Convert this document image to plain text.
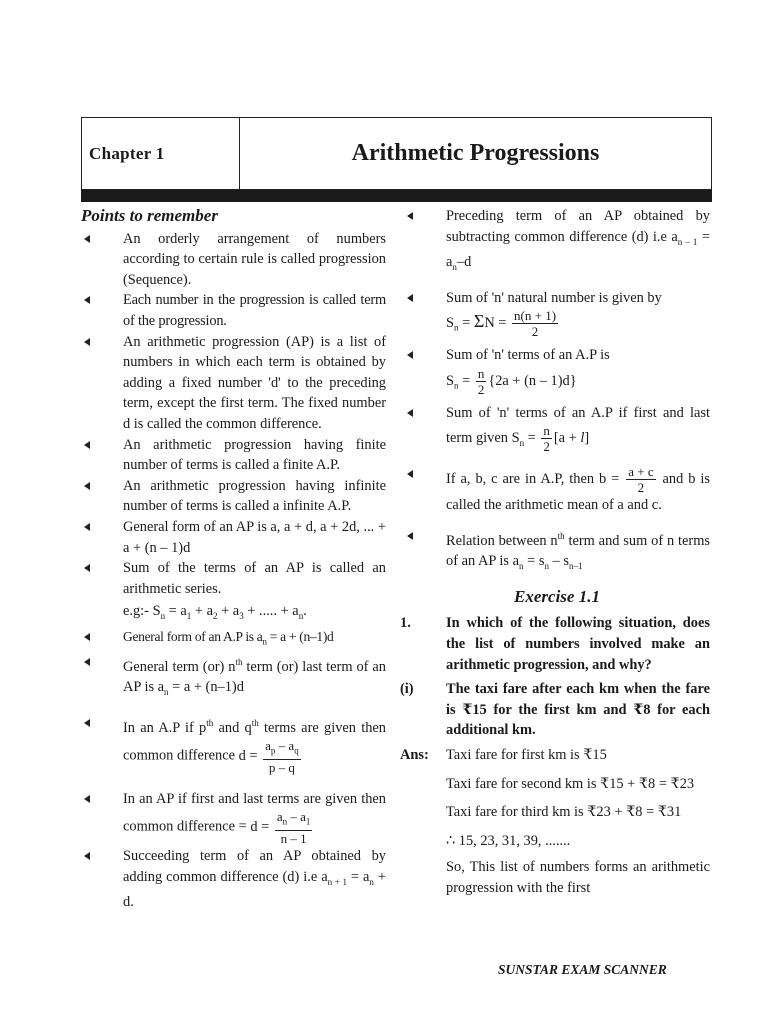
Chapter 1	Arithmetic Progressions
Points to remember
An orderly arrangement of numbers according to certain rule is called progression (Sequence).
Each number in the progression is called term of the progression.
An arithmetic progression (AP) is a list of numbers in which each term is obtained by adding a fixed number 'd' to the preceding term, except the first term. The fixed number d is called the common difference.
An arithmetic progression having finite number of terms is called a finite A.P.
An arithmetic progression having infinite number of terms is called a infinite A.P.
General form of an AP is a, a + d, a + 2d, ... + a + (n – 1)d
Sum of the terms of an AP is called an arithmetic series.
e.g:- $S_n = a_1 + a_2 + a_3$ + ..... + $a_n$.
General form of an A.P is $a_n = a + (n-1)d$
General term (or) $n^{th}$ term (or) last term of an AP is $a_n = a + (n-1)d$
In an A.P if $p^{th}$ and $q^{th}$ terms are given then common difference $d = \frac{a_p - a_q}{p - q}$
In an AP if first and last terms are given then common difference = $d = \frac{a_n - a_1}{n - 1}$
Succeeding term of an AP obtained by adding common difference (d) i.e $a_{n + 1} = a_n + d$.
Preceding term of an AP obtained by subtracting common difference (d) i.e $a_{n - 1} = a_n-d$
Sum of 'n' natural number is given by
$S_n = \Sigma N = \frac{n(n + 1)}{2}$
Sum of 'n' terms of an A.P is
$S_n = \frac{n}{2} \{2a + (n - 1)d\}$
Sum of 'n' terms of an A.P if first and last term given $S_n = \frac{n}{2} [a + l]$
If a, b, c are in A.P, then $b = \frac{a + c}{2}$ and b is called the arithmetic mean of a and c.
Relation between $n^{th}$ term and sum of n terms of an AP is $a_n = s_n - s_{n-1}$
Exercise 1.1
1. In which of the following situation, does the list of numbers involved make an arithmetic progression, and why?
(i) The taxi fare after each km when the fare is ₹15 for the first km and ₹8 for each additional km.
Ans: Taxi fare for first km is ₹15
Taxi fare for second km is ₹15 + ₹8 = ₹23
Taxi fare for third km is ₹23 + ₹8 = ₹31
∴ 15, 23, 31, 39, .......
So, This list of numbers forms an arithmetic progression with the first
SUNSTAR EXAM SCANNER
